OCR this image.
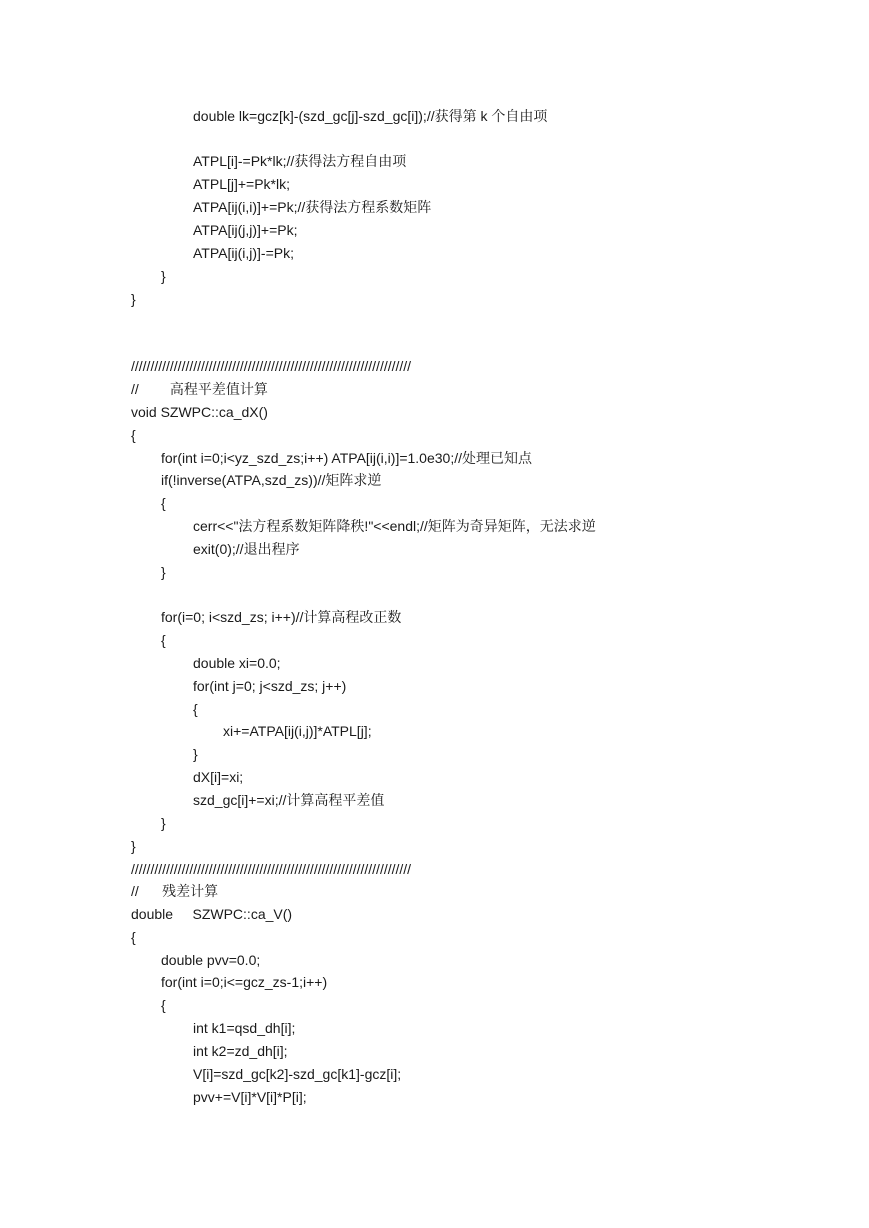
double lk=gcz[k]-(szd_gc[j]-szd_gc[i]);//获得第 k 个自由项
ATPL[i]-=Pk*lk;//获得法方程自由项
ATPL[j]+=Pk*lk;
ATPA[ij(i,i)]+=Pk;//获得法方程系数矩阵
ATPA[ij(j,j)]+=Pk;
ATPA[ij(i,j)]-=Pk;
}
}
////////////////////////////////////////////////////////////////////////
//        高程平差值计算
void SZWPC::ca_dX()
{
for(int i=0;i<yz_szd_zs;i++) ATPA[ij(i,i)]=1.0e30;//处理已知点
if(!inverse(ATPA,szd_zs))//矩阵求逆
{
cerr<<"法方程系数矩阵降秩!"<<endl;//矩阵为奇异矩阵，无法求逆
exit(0);//退出程序
}
for(i=0; i<szd_zs; i++)//计算高程改正数
{
double xi=0.0;
for(int j=0; j<szd_zs; j++)
{
xi+=ATPA[ij(i,j)]*ATPL[j];
}
dX[i]=xi;
szd_gc[i]+=xi;//计算高程平差值
}
}
////////////////////////////////////////////////////////////////////////
//      残差计算
double     SZWPC::ca_V()
{
double pvv=0.0;
for(int i=0;i<=gcz_zs-1;i++)
{
int k1=qsd_dh[i];
int k2=zd_dh[i];
V[i]=szd_gc[k2]-szd_gc[k1]-gcz[i];
pvv+=V[i]*V[i]*P[i];
